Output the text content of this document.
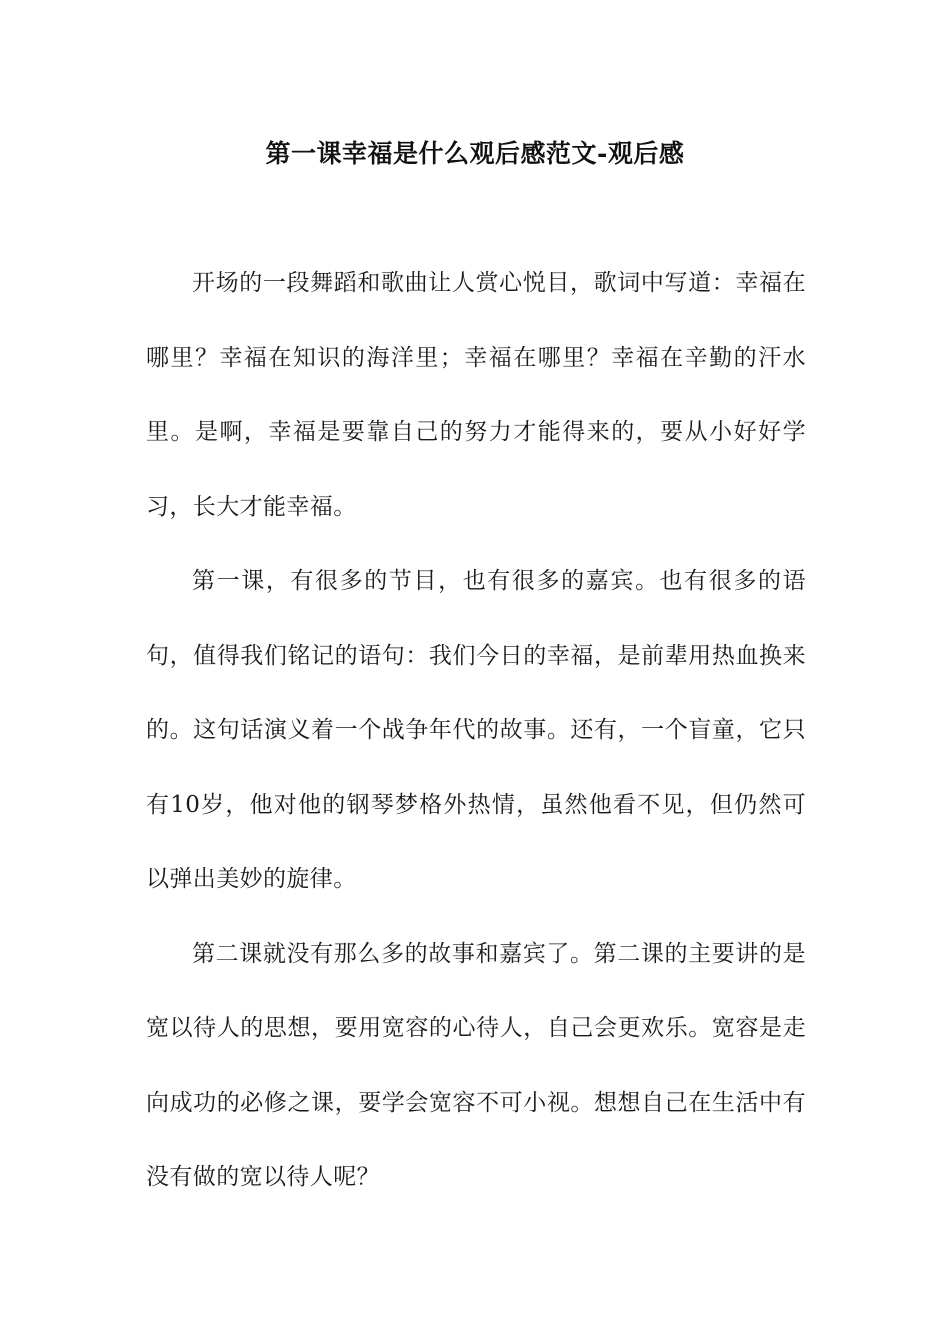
第一课幸福是什么观后感范文-观后感

开场的一段舞蹈和歌曲让人赏心悦目，歌词中写道：幸福在哪里？幸福在知识的海洋里；幸福在哪里？幸福在辛勤的汗水里。是啊，幸福是要靠自己的努力才能得来的，要从小好好学习，长大才能幸福。

第一课，有很多的节目，也有很多的嘉宾。也有很多的语句，值得我们铭记的语句：我们今日的幸福，是前辈用热血换来的。这句话演义着一个战争年代的故事。还有，一个盲童，它只有10岁，他对他的钢琴梦格外热情，虽然他看不见，但仍然可以弹出美妙的旋律。

第二课就没有那么多的故事和嘉宾了。第二课的主要讲的是宽以待人的思想，要用宽容的心待人，自己会更欢乐。宽容是走向成功的必修之课，要学会宽容不可小视。想想自己在生活中有没有做的宽以待人呢？
